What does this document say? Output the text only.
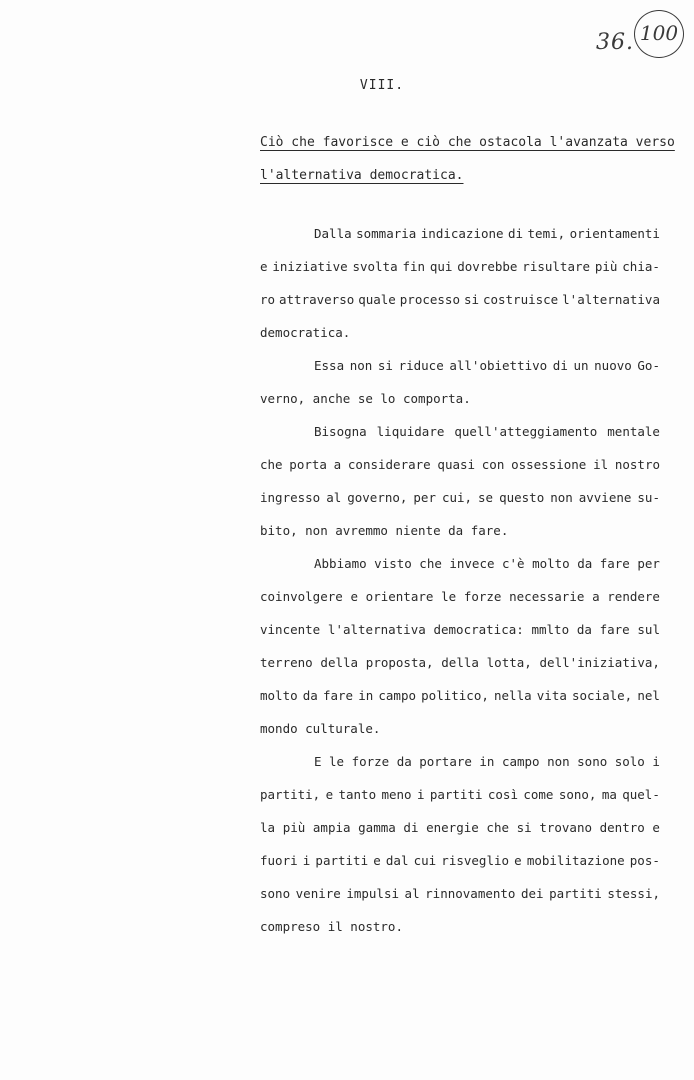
36. 100
VIII.
Ciò che favorisce e ciò che ostacola l'avanzata verso
l'alternativa democratica.
Dalla sommaria indicazione di temi, orientamenti
e iniziative svolta fin qui dovrebbe risultare più chia-
ro attraverso quale processo si costruisce l'alternativa
democratica.
Essa non si riduce all'obiettivo di un nuovo Go-
verno, anche se lo comporta.
Bisogna liquidare quell'atteggiamento mentale
che porta a considerare quasi con ossessione il nostro
ingresso al governo, per cui, se questo non avviene su-
bito, non avremmo niente da fare.
Abbiamo visto che invece c'è molto da fare per
coinvolgere e orientare le forze necessarie a rendere
vincente l'alternativa democratica: mmlto da fare sul
terreno della proposta, della lotta, dell'iniziativa,
molto da fare in campo politico, nella vita sociale, nel
mondo culturale.
E le forze da portare in campo non sono solo i
partiti, e tanto meno i partiti così come sono, ma quel-
la più ampia gamma di energie che si trovano dentro e
fuori i partiti e dal cui risveglio e mobilitazione pos-
sono venire impulsi al rinnovamento dei partiti stessi,
compreso il nostro.
